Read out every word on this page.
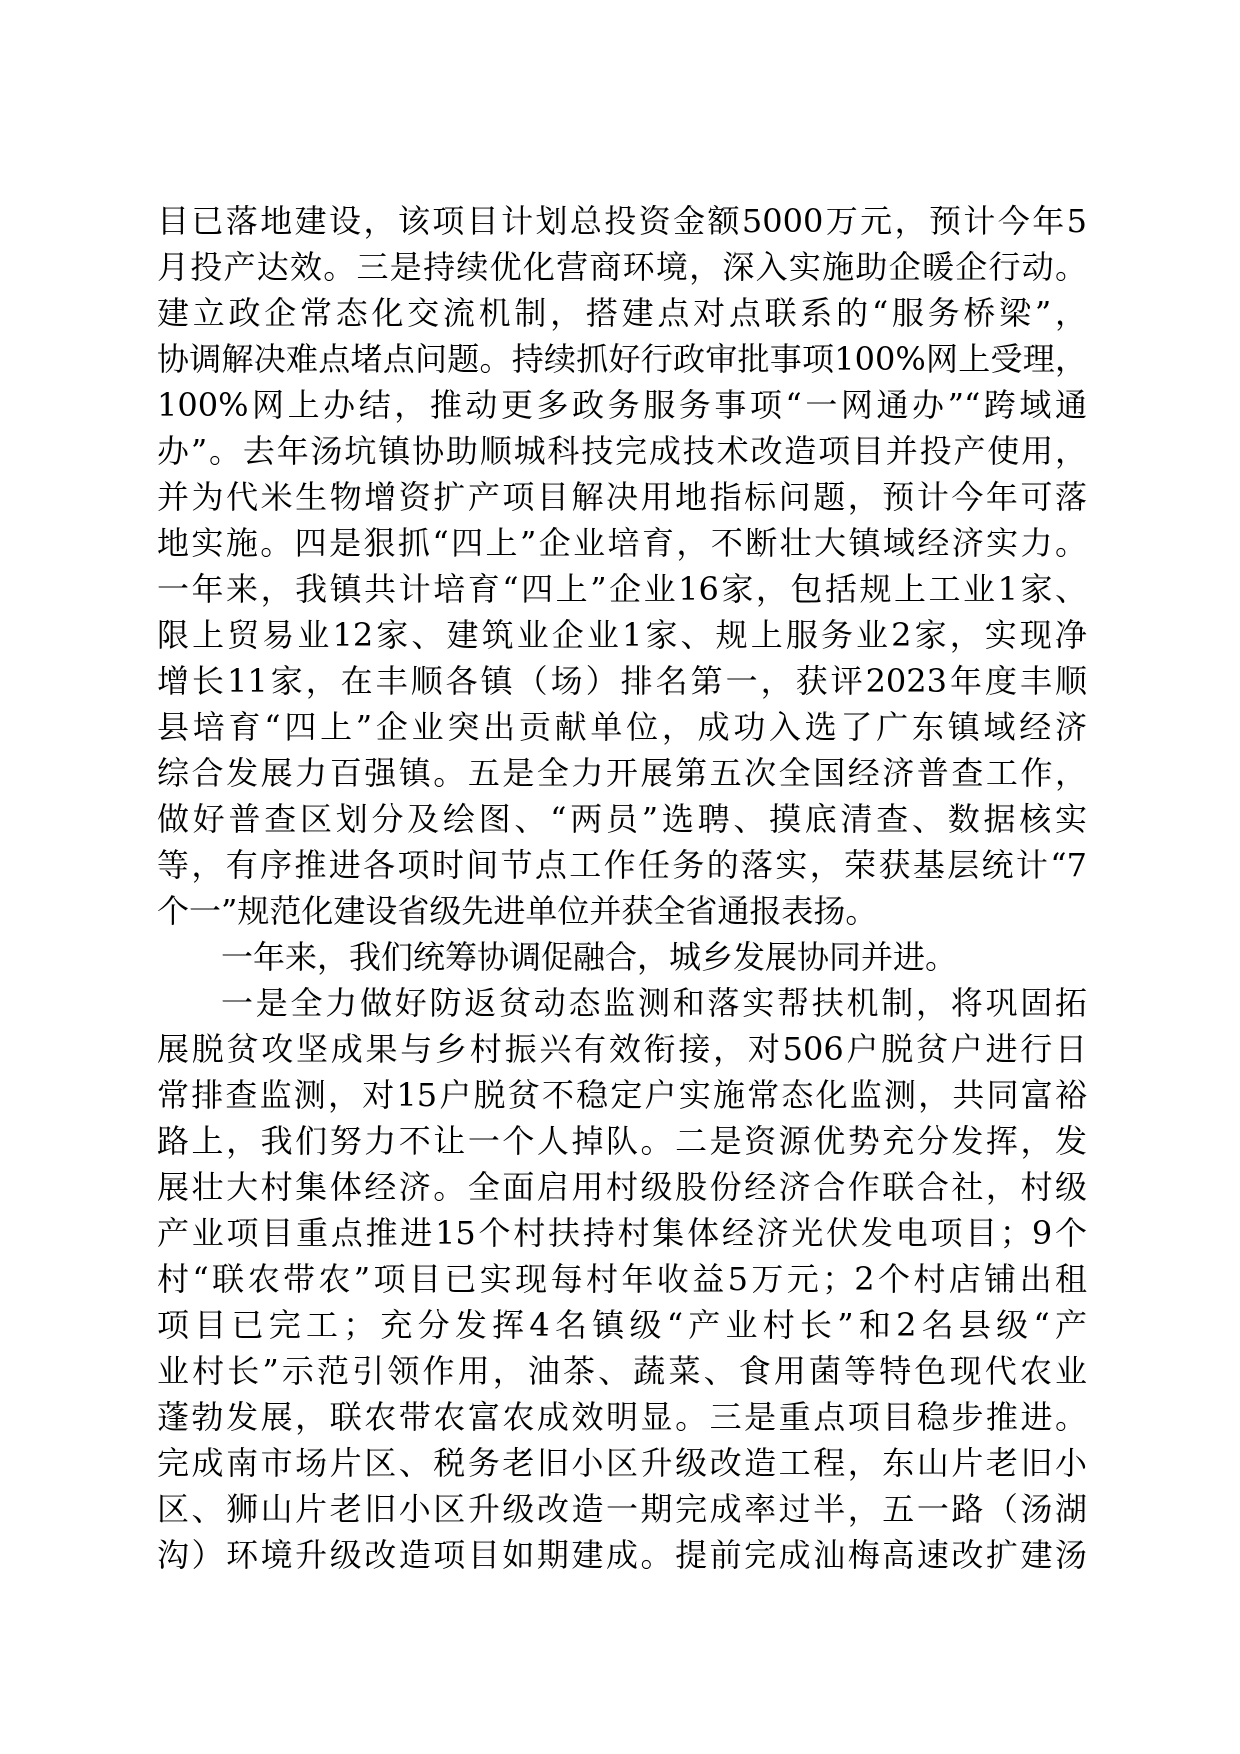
目已落地建设，该项目计划总投资金额5000万元，预计今年5
月投产达效。三是持续优化营商环境，深入实施助企暖企行动。
建立政企常态化交流机制，搭建点对点联系的“服务桥梁”，
协调解决难点堵点问题。持续抓好行政审批事项100%网上受理，
100%网上办结，推动更多政务服务事项“一网通办”“跨域通
办”。去年汤坑镇协助顺城科技完成技术改造项目并投产使用，
并为代米生物增资扩产项目解决用地指标问题，预计今年可落
地实施。四是狠抓“四上”企业培育，不断壮大镇域经济实力。
一年来，我镇共计培育“四上”企业16家，包括规上工业1家、
限上贸易业12家、建筑业企业1家、规上服务业2家，实现净
增长11家，在丰顺各镇（场）排名第一，获评2023年度丰顺
县培育“四上”企业突出贡献单位，成功入选了广东镇域经济
综合发展力百强镇。五是全力开展第五次全国经济普查工作，
做好普查区划分及绘图、“两员”选聘、摸底清查、数据核实
等，有序推进各项时间节点工作任务的落实，荣获基层统计“7
个一”规范化建设省级先进单位并获全省通报表扬。
一年来，我们统筹协调促融合，城乡发展协同并进。
一是全力做好防返贫动态监测和落实帮扶机制，将巩固拓
展脱贫攻坚成果与乡村振兴有效衔接，对506户脱贫户进行日
常排查监测，对15户脱贫不稳定户实施常态化监测，共同富裕
路上，我们努力不让一个人掉队。二是资源优势充分发挥，发
展壮大村集体经济。全面启用村级股份经济合作联合社，村级
产业项目重点推进15个村扶持村集体经济光伏发电项目；9个
村“联农带农”项目已实现每村年收益5万元；2个村店铺出租
项目已完工；充分发挥4名镇级“产业村长”和2名县级“产
业村长”示范引领作用，油茶、蔬菜、食用菌等特色现代农业
蓬勃发展，联农带农富农成效明显。三是重点项目稳步推进。
完成南市场片区、税务老旧小区升级改造工程，东山片老旧小
区、狮山片老旧小区升级改造一期完成率过半，五一路（汤湖
沟）环境升级改造项目如期建成。提前完成汕梅高速改扩建汤
